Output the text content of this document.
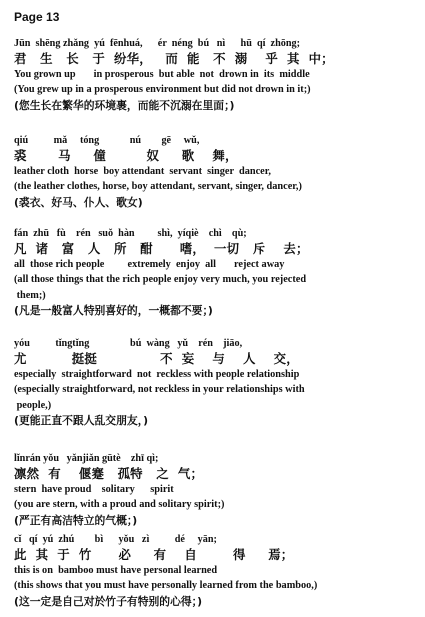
Page 13
Jūn  shēng zhǎng  yú  fēnhuá,      ér  néng  bú   nì      hū  qí  zhōng;
君   生   长   于  纷华，   而  能   不  溺    乎  其  中；
You grown up       in prosperous  but able  not  drown in  its  middle
(You grew up in a prosperous environment but did not drown in it;)
(您生长在繁华的环境裹，而能不沉溺在里面；)
qiú          mǎ     tóng            nú        gē     wǔ,
裘       马     僮         奴     歌    舞，
leather cloth  horse  boy attendant  servant  singer  dancer,
(the leather clothes, horse, boy attendant, servant, singer, dancer,)
(裘衣、好马、仆人、歌女)
fán  zhū   fù    rén   suǒ  hàn         shì,  yíqiè    chì    qù;
凡  诸   富   人   所   酣      嗜，  一切   斥    去；
all  those rich people         extremely  enjoy  all       reject away
(all those things that the rich people enjoy very much, you rejected
them;)
(凡是一般富人特别喜好的，一概都不要；)
yóu          tǐngtǐng                bú  wàng   yǔ    rén    jiāo,
尤          挺挺              不  妄    与    人    交，
especially  straightforward  not  reckless with people relationship
(especially straightforward, not reckless in your relationships with
people,)
(更能正直不跟人乱交朋友，)
lǐnrán yǒu   yǎnjiǎn gūtè    zhī qì;
凛然  有    偃蹇   孤特   之  气；
stern  have proud    solitary      spirit
(you are stern, with a proud and solitary spirit;)
(严正有高洁特立的气概；)
cǐ   qí  yú  zhú        bì      yǒu   zì          dé     yān;
此  其  于  竹      必     有    自        得     焉；
this is on  bamboo must have personal learned
(this shows that you must have personally learned from the bamboo,)
(这一定是自己对於竹子有特别的心得；)
